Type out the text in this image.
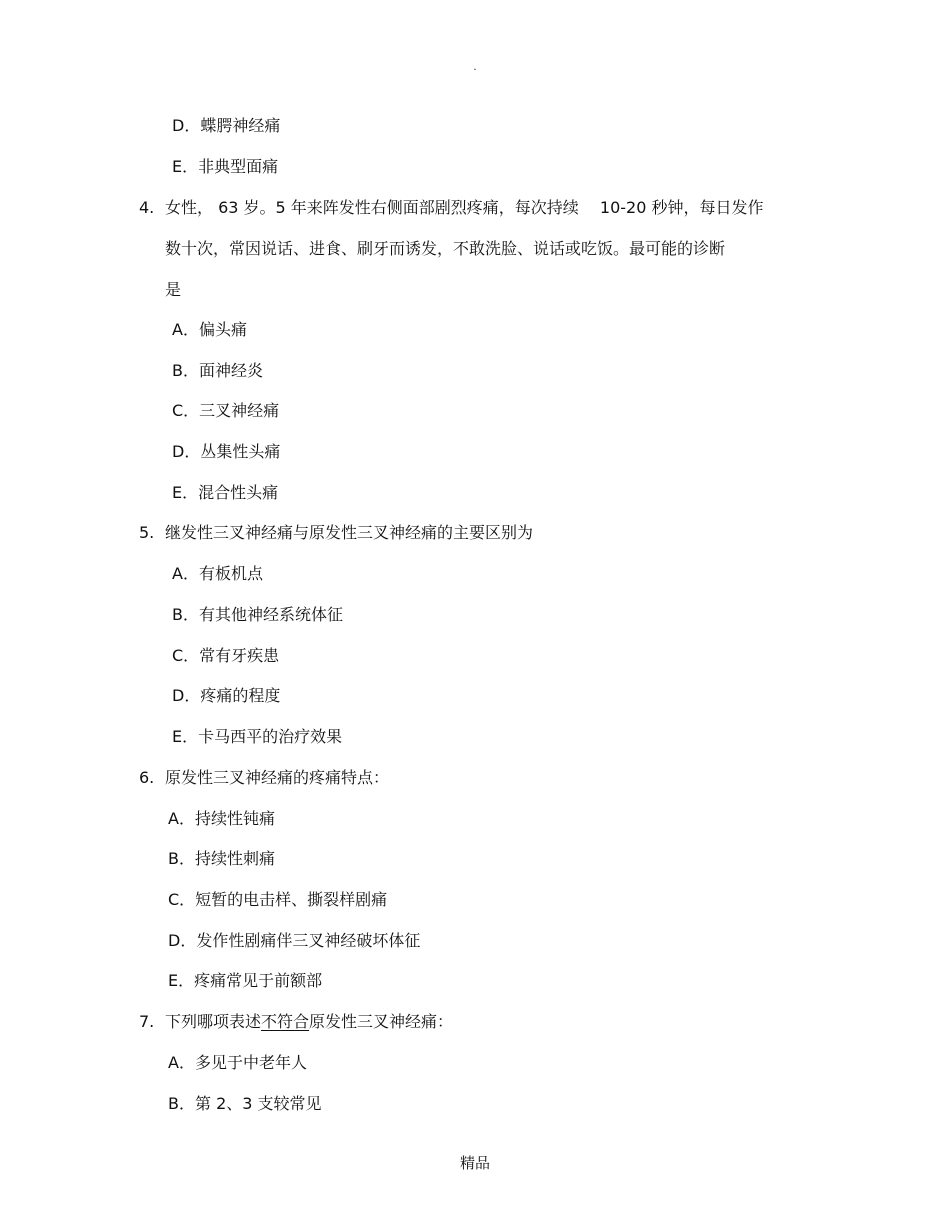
.
D．蝶腭神经痛
E．非典型面痛
4. 女性， 63 岁。5 年来阵发性右侧面部剧烈疼痛，每次持续　 10-20 秒钟，每日发作
数十次，常因说话、进食、刷牙而诱发，不敢洗脸、说话或吃饭。最可能的诊断
是
A．偏头痛
B．面神经炎
C．三叉神经痛
D．丛集性头痛
E．混合性头痛
5. 继发性三叉神经痛与原发性三叉神经痛的主要区别为
A．有板机点
B．有其他神经系统体征
C．常有牙疾患
D．疼痛的程度
E．卡马西平的治疗效果
6. 原发性三叉神经痛的疼痛特点：
A．持续性钝痛
B．持续性刺痛
C．短暂的电击样、撕裂样剧痛
D．发作性剧痛伴三叉神经破坏体征
E．疼痛常见于前额部
7. 下列哪项表述不符合原发性三叉神经痛：
A．多见于中老年人
B．第 2、3 支较常见
精品
